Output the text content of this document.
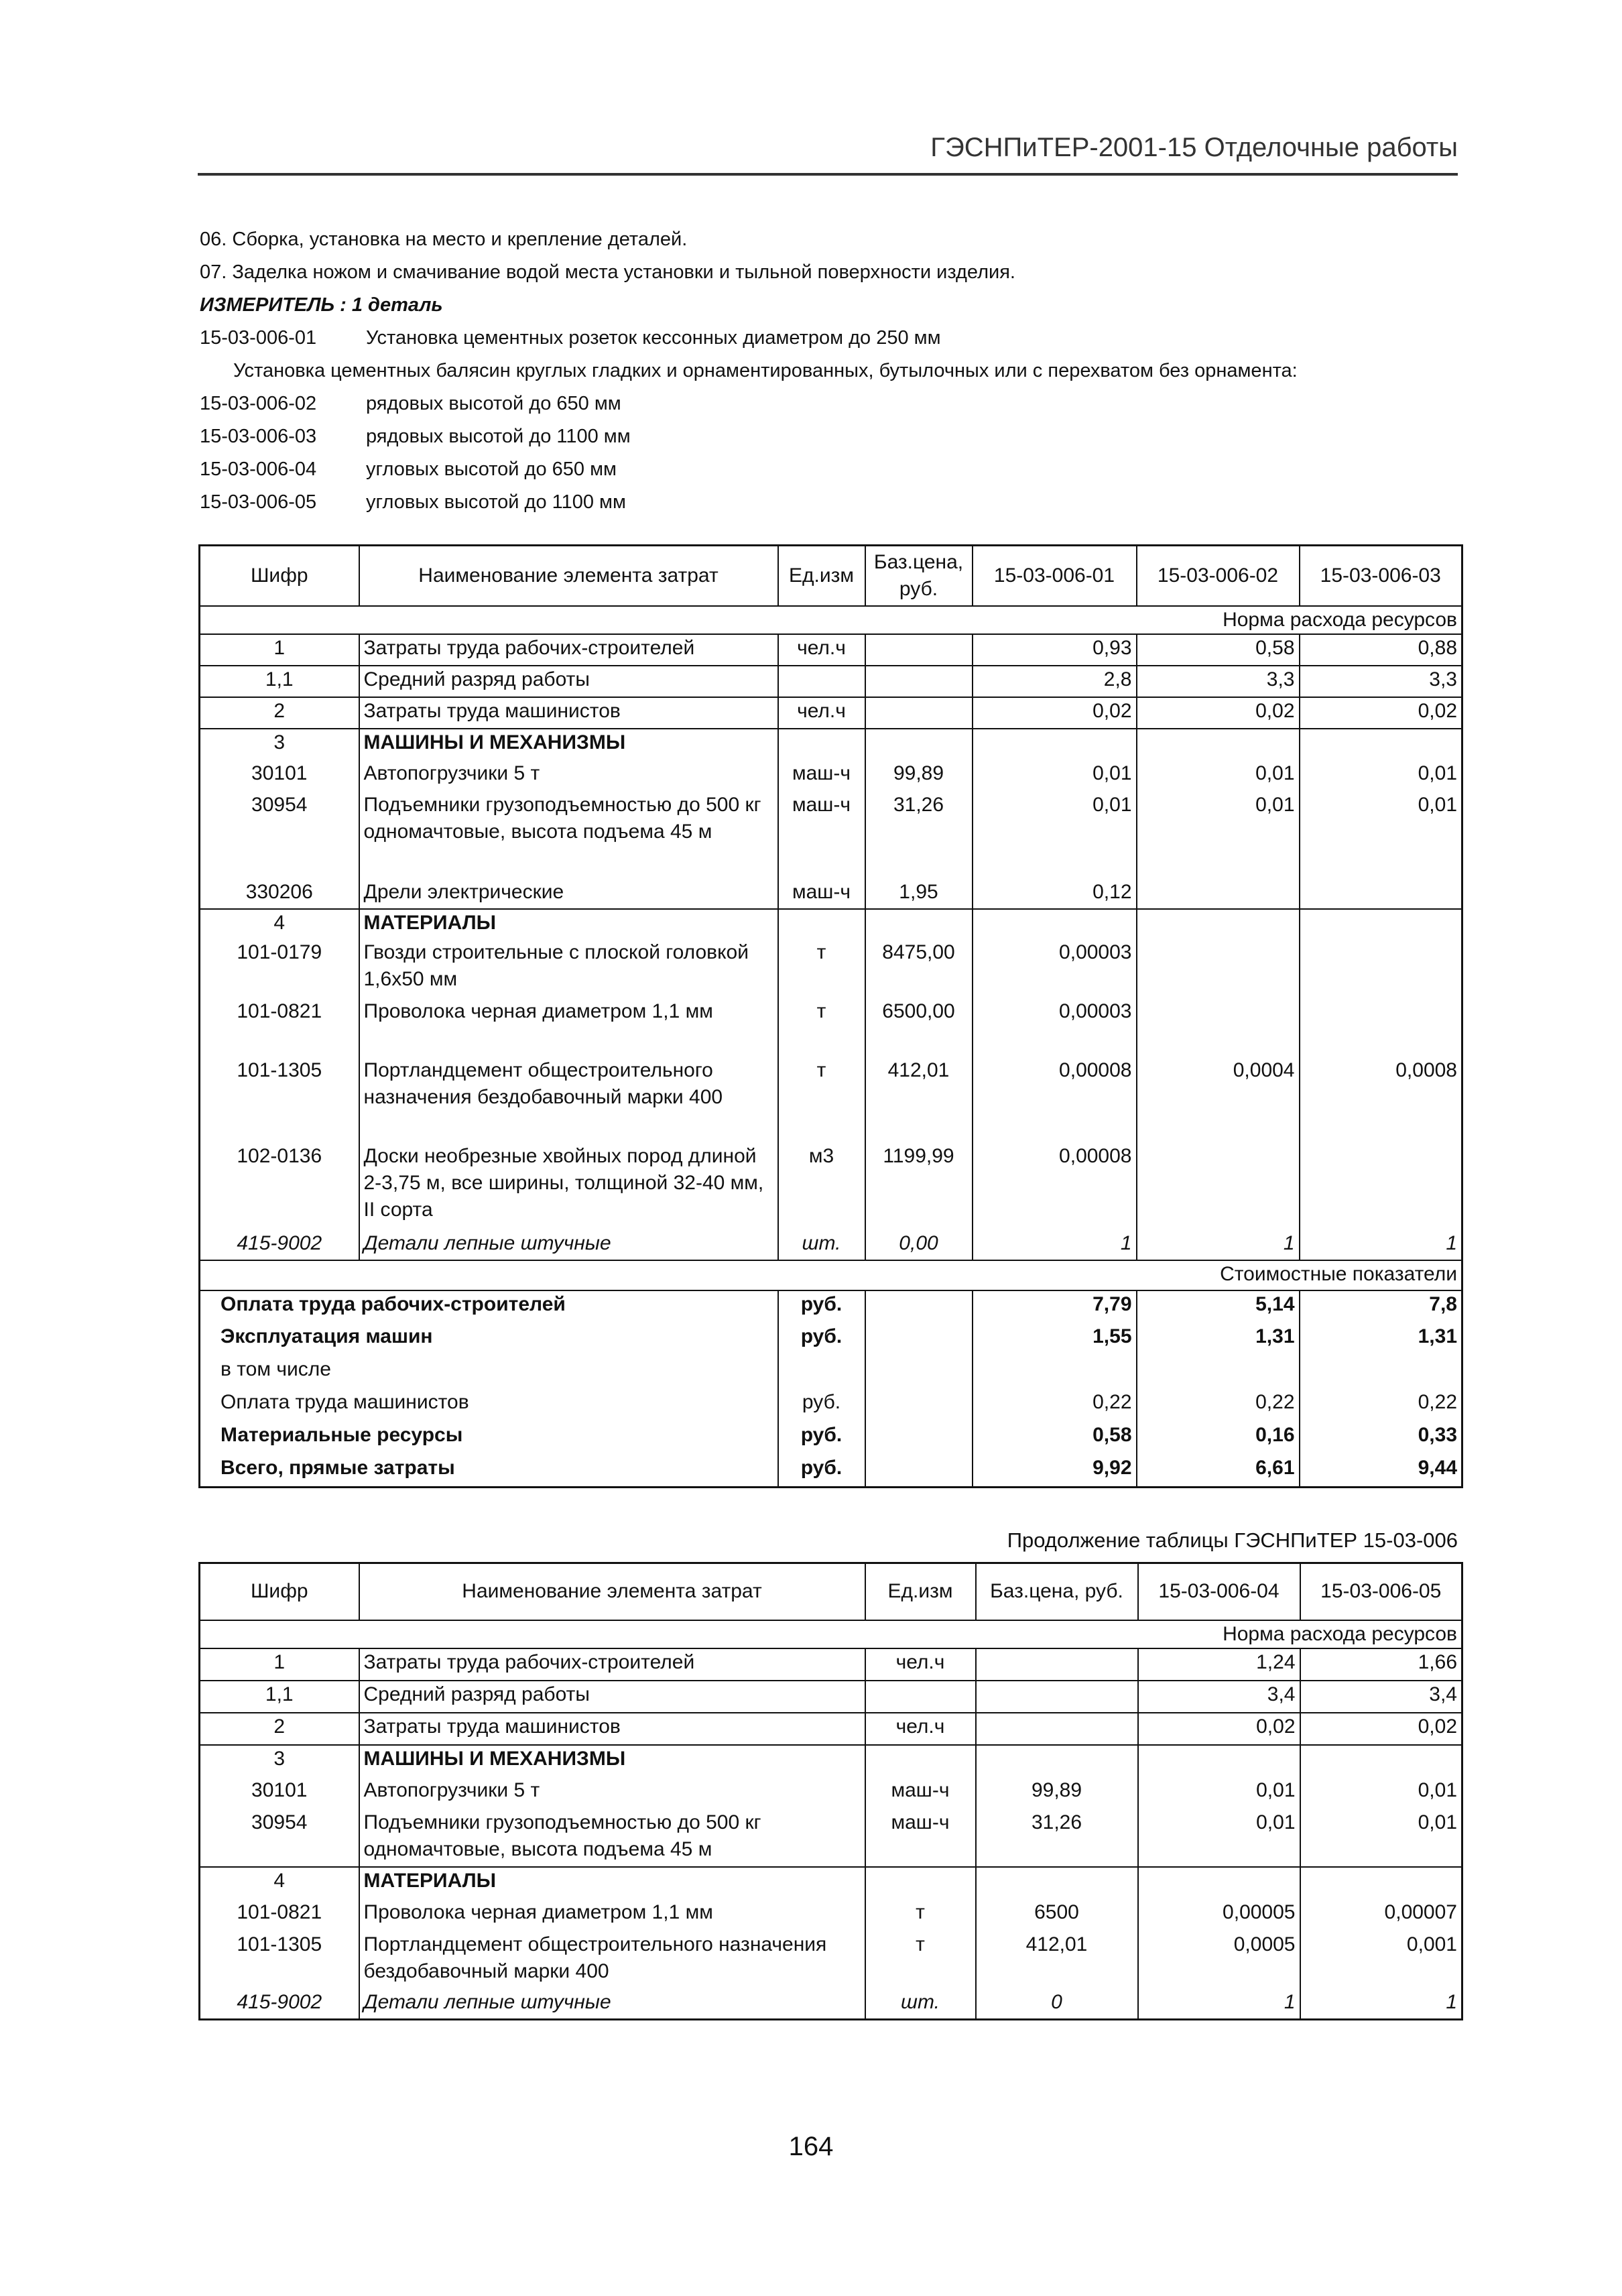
ГЭСНПиТЕР-2001-15 Отделочные работы
06. Сборка, установка на место и крепление деталей.
07. Заделка ножом и смачивание водой места установки и тыльной поверхности изделия.
ИЗМЕРИТЕЛЬ : 1 деталь
15-03-006-01	Установка цементных розеток кессонных диаметром до 250 мм
Установка цементных балясин круглых гладких и орнаментированных, бутылочных или с перехватом без орнамента:
15-03-006-02	рядовых высотой до 650 мм
15-03-006-03	рядовых высотой до 1100 мм
15-03-006-04	угловых высотой до 650 мм
15-03-006-05	угловых высотой до 1100 мм
Шифр	Наименование элемента затрат	Ед.изм	Баз.цена, руб.	15-03-006-01	15-03-006-02	15-03-006-03
Норма расхода ресурсов						
1	Затраты труда рабочих-строителей	чел.ч		0,93	0,58	0,88
1,1	Средний разряд работы			2,8	3,3	3,3
2	Затраты труда машинистов	чел.ч		0,02	0,02	0,02
3	МАШИНЫ И МЕХАНИЗМЫ					
30101	Автопогрузчики 5 т	маш-ч	99,89	0,01	0,01	0,01
30954	Подъемники грузоподъемностью до 500 кг одномачтовые, высота подъема 45 м	маш-ч	31,26	0,01	0,01	0,01
330206	Дрели электрические	маш-ч	1,95	0,12		
4	МАТЕРИАЛЫ					
101-0179	Гвозди строительные с плоской головкой 1,6x50 мм	т	8475,00	0,00003		
101-0821	Проволока черная диаметром 1,1 мм	т	6500,00	0,00003		
101-1305	Портландцемент общестроительного назначения бездобавочный марки 400	т	412,01	0,00008	0,0004	0,0008
102-0136	Доски необрезные хвойных пород длиной 2-3,75 м, все ширины, толщиной 32-40 мм, II сорта	м3	1199,99	0,00008		
415-9002	Детали лепные штучные	шт.	0,00	1	1	1
Стоимостные показатели						
Оплата труда рабочих-строителей		руб.		7,79	5,14	7,8
Эксплуатация машин		руб.		1,55	1,31	1,31
в том числе						
Оплата труда машинистов		руб.		0,22	0,22	0,22
Материальные ресурсы		руб.		0,58	0,16	0,33
Всего, прямые затраты		руб.		9,92	6,61	9,44
Продолжение таблицы ГЭСНПиТЕР 15-03-006
Шифр	Наименование элемента затрат	Ед.изм	Баз.цена, руб.	15-03-006-04	15-03-006-05
Норма расхода ресурсов					
1	Затраты труда рабочих-строителей	чел.ч		1,24	1,66
1,1	Средний разряд работы			3,4	3,4
2	Затраты труда машинистов	чел.ч		0,02	0,02
3	МАШИНЫ И МЕХАНИЗМЫ				
30101	Автопогрузчики 5 т	маш-ч	99,89	0,01	0,01
30954	Подъемники грузоподъемностью до 500 кг одномачтовые, высота подъема 45 м	маш-ч	31,26	0,01	0,01
4	МАТЕРИАЛЫ				
101-0821	Проволока черная диаметром 1,1 мм	т	6500	0,00005	0,00007
101-1305	Портландцемент общестроительного назначения бездобавочный марки 400	т	412,01	0,0005	0,001
415-9002	Детали лепные штучные	шт.	0	1	1
164
